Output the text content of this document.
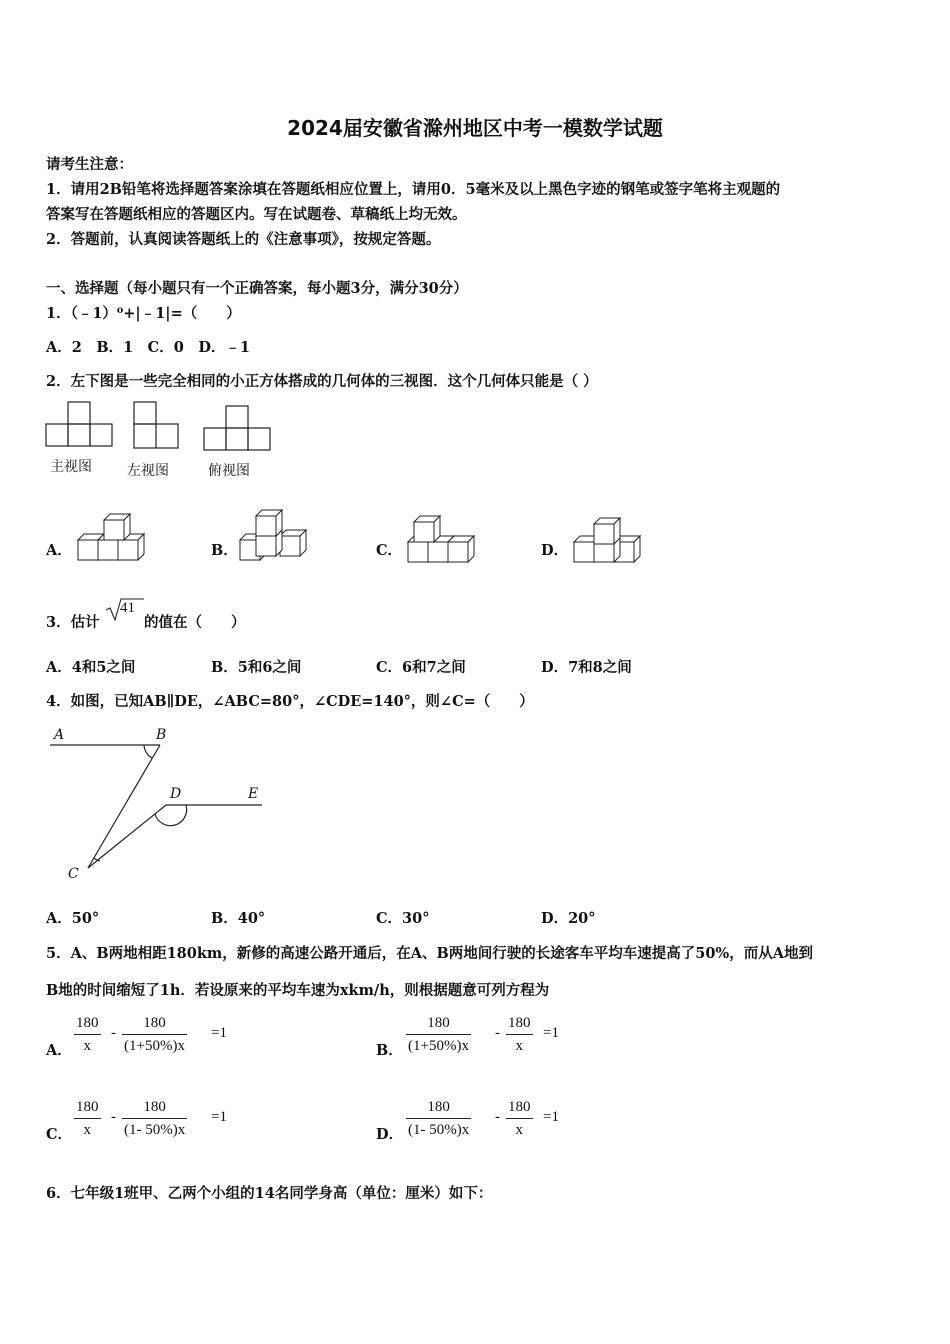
2024届安徽省滁州地区中考一模数学试题
请考生注意：
1．请用2B铅笔将选择题答案涂填在答题纸相应位置上，请用0．5毫米及以上黑色字迹的钢笔或签字笔将主观题的
答案写在答题纸相应的答题区内。写在试题卷、草稿纸上均无效。
2．答题前，认真阅读答题纸上的《注意事项》，按规定答题。
一、选择题（每小题只有一个正确答案，每小题3分，满分30分）
1．（﹣1）⁰+|﹣1|=（　　）
A．2　B．1　C．0　D．﹣1
2．左下图是一些完全相同的小正方体搭成的几何体的三视图．这个几何体只能是（ ）
主视图	左视图	俯视图
A．	B．	C．	D．
3．估计
41
的值在（　　）
A．4和5之间	B．5和6之间	C．6和7之间	D．7和8之间
4．如图，已知AB∥DE，∠ABC=80°，∠CDE=140°，则∠C=（　　）
A	B
C
D	E
A．50°	B．40°	C．30°	D．20°
5．A、B两地相距180km，新修的高速公路开通后，在A、B两地间行驶的长途客车平均车速提高了50%，而从A地到
B地的时间缩短了1h．若设原来的平均车速为xkm/h，则根据题意可列方程为
A． $\frac{180}{x} - \frac{180}{(1+50\%)x} =1$
B． $\frac{180}{(1+50\%)x} - \frac{180}{x} =1$
C． $\frac{180}{x} - \frac{180}{(1- 50\%)x} =1$
D． $\frac{180}{(1- 50\%)x} - \frac{180}{x} =1$
6．七年级1班甲、乙两个小组的14名同学身高（单位：厘米）如下：
